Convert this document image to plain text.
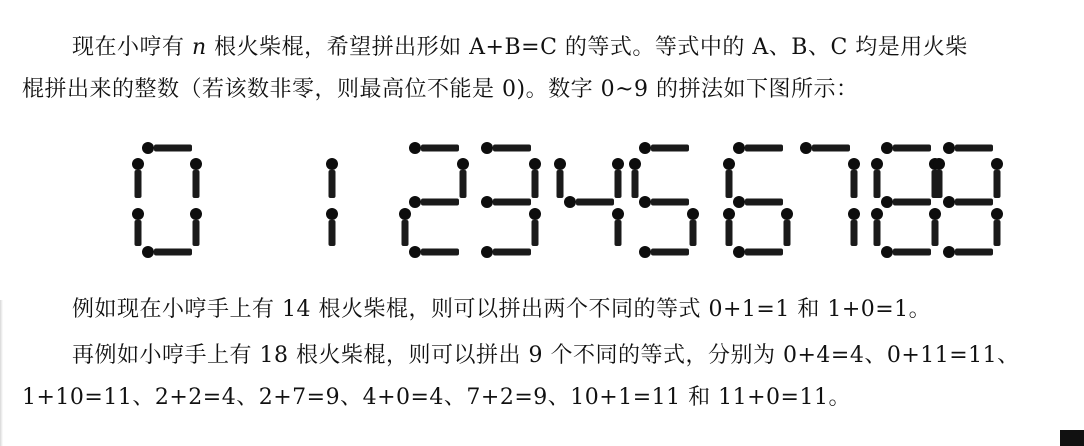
现在小哼有 n 根火柴棍，希望拼出形如 A+B=C 的等式。等式中的 A、B、C 均是用火柴
棍拼出来的整数（若该数非零，则最高位不能是 0)。数字 0~9 的拼法如下图所示：
例如现在小哼手上有 14 根火柴棍，则可以拼出两个不同的等式 0+1=1 和 1+0=1。
再例如小哼手上有 18 根火柴棍，则可以拼出 9 个不同的等式，分别为 0+4=4、0+11=11、
1+10=11、2+2=4、2+7=9、4+0=4、7+2=9、10+1=11 和 11+0=11。
